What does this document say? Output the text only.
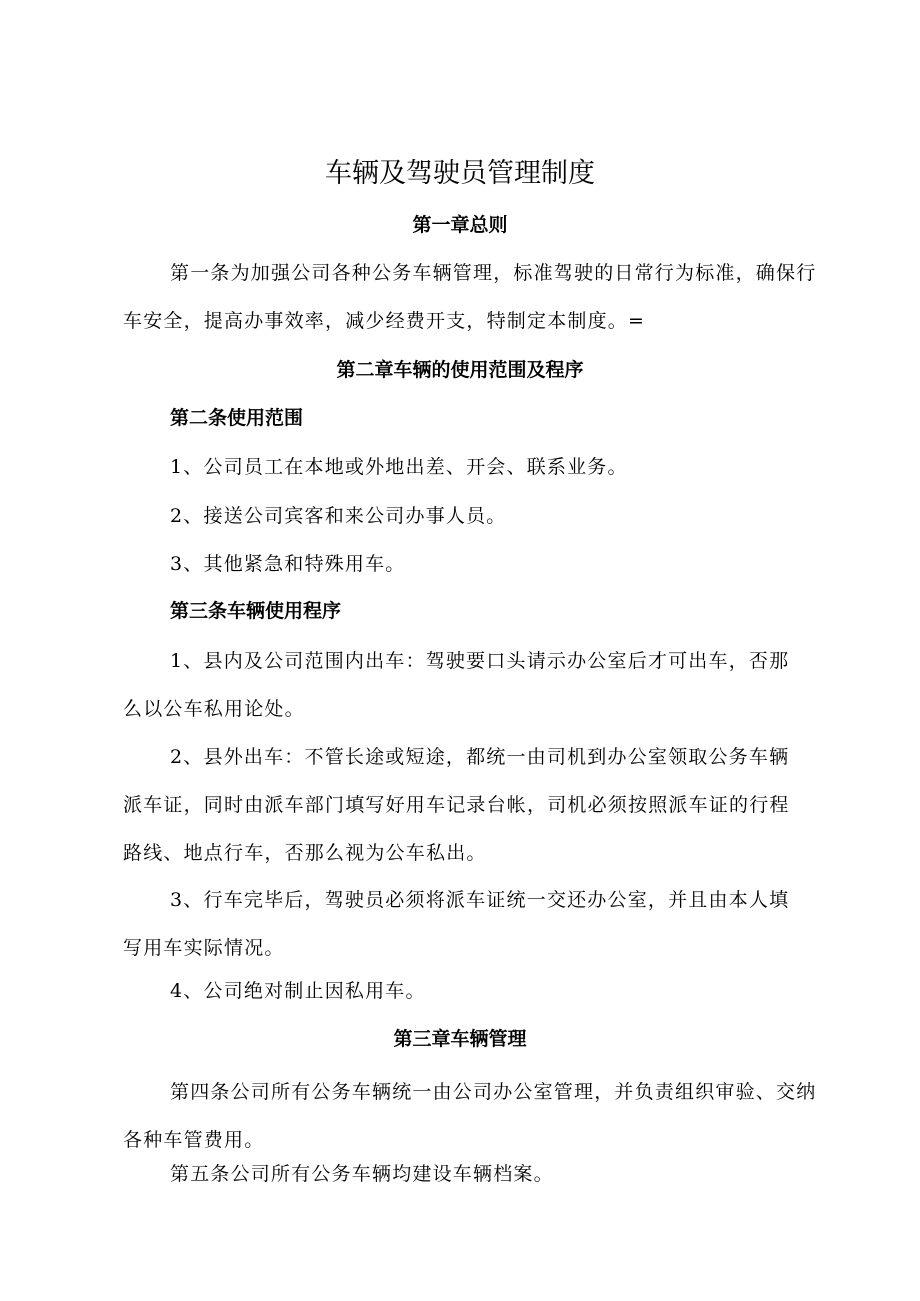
车辆及驾驶员管理制度
第一章总则

第一条为加强公司各种公务车辆管理，标准驾驶的日常行为标准，确保行车安全，提高办事效率，减少经费开支，特制定本制度。=

第二章车辆的使用范围及程序
第二条使用范围

1、公司员工在本地或外地出差、开会、联系业务。

2、接送公司宾客和来公司办事人员。

3、其他紧急和特殊用车。

第三条车辆使用程序

1、县内及公司范围内出车：驾驶要口头请示办公室后才可出车，否那么以公车私用论处。

2、县外出车：不管长途或短途，都统一由司机到办公室领取公务车辆派车证，同时由派车部门填写好用车记录台帐，司机必须按照派车证的行程路线、地点行车，否那么视为公车私出。

3、行车完毕后，驾驶员必须将派车证统一交还办公室，并且由本人填写用车实际情况。

4、公司绝对制止因私用车。

第三章车辆管理

第四条公司所有公务车辆统一由公司办公室管理，并负责组织审验、交纳各种车管费用。

第五条公司所有公务车辆均建设车辆档案。
